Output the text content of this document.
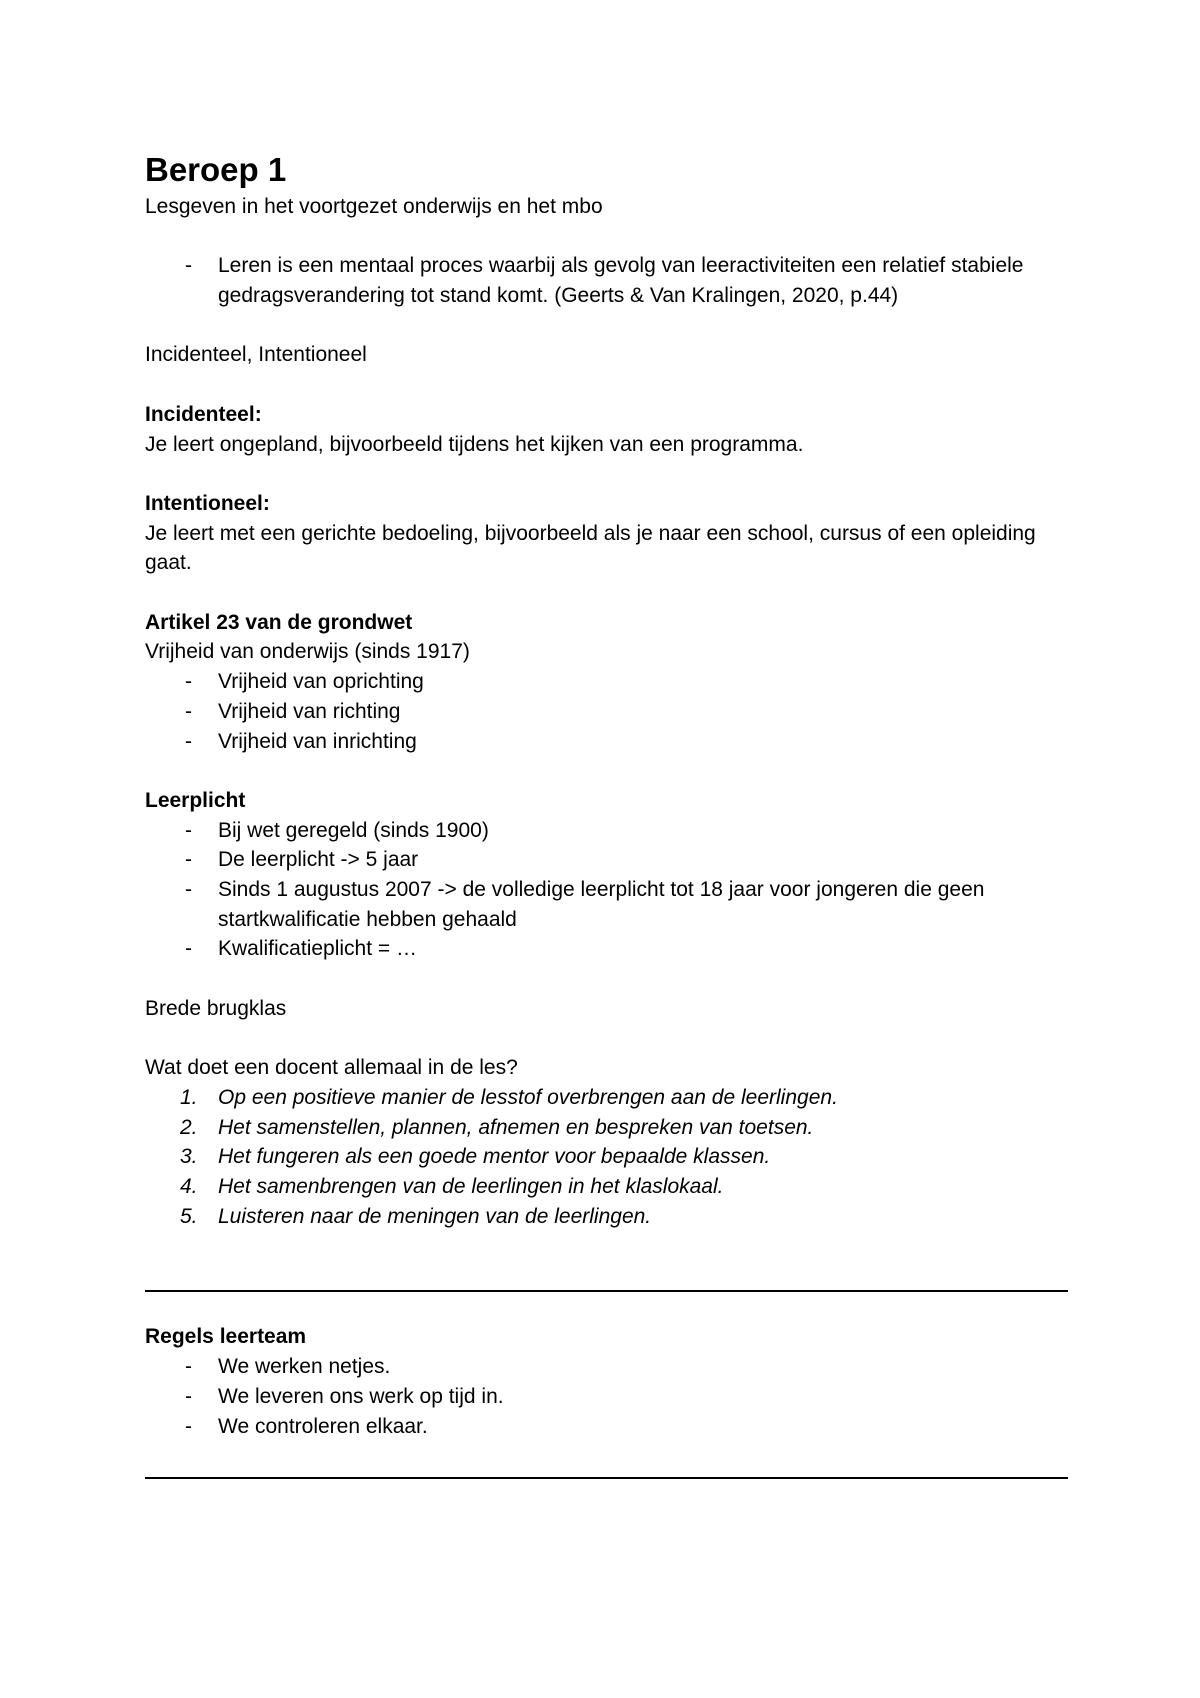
Beroep 1

Lesgeven in het voortgezet onderwijs en het mbo

- Leren is een mentaal proces waarbij als gevolg van leeractiviteiten een relatief stabiele gedragsverandering tot stand komt. (Geerts & Van Kralingen, 2020, p.44)

Incidenteel, Intentioneel

Incidenteel:

Je leert ongepland, bijvoorbeeld tijdens het kijken van een programma.

Intentioneel:

Je leert met een gerichte bedoeling, bijvoorbeeld als je naar een school, cursus of een opleiding gaat.

Artikel 23 van de grondwet

Vrijheid van onderwijs (sinds 1917)

- Vrijheid van oprichting
- Vrijheid van richting
- Vrijheid van inrichting

Leerplicht

- Bij wet geregeld (sinds 1900)
- De leerplicht -> 5 jaar
- Sinds 1 augustus 2007 -> de volledige leerplicht tot 18 jaar voor jongeren die geen startkwalificatie hebben gehaald
- Kwalificatieplicht = …

Brede brugklas

Wat doet een docent allemaal in de les?

1. Op een positieve manier de lesstof overbrengen aan de leerlingen.
2. Het samenstellen, plannen, afnemen en bespreken van toetsen.
3. Het fungeren als een goede mentor voor bepaalde klassen.
4. Het samenbrengen van de leerlingen in het klaslokaal.
5. Luisteren naar de meningen van de leerlingen.

Regels leerteam

- We werken netjes.
- We leveren ons werk op tijd in.
- We controleren elkaar.
